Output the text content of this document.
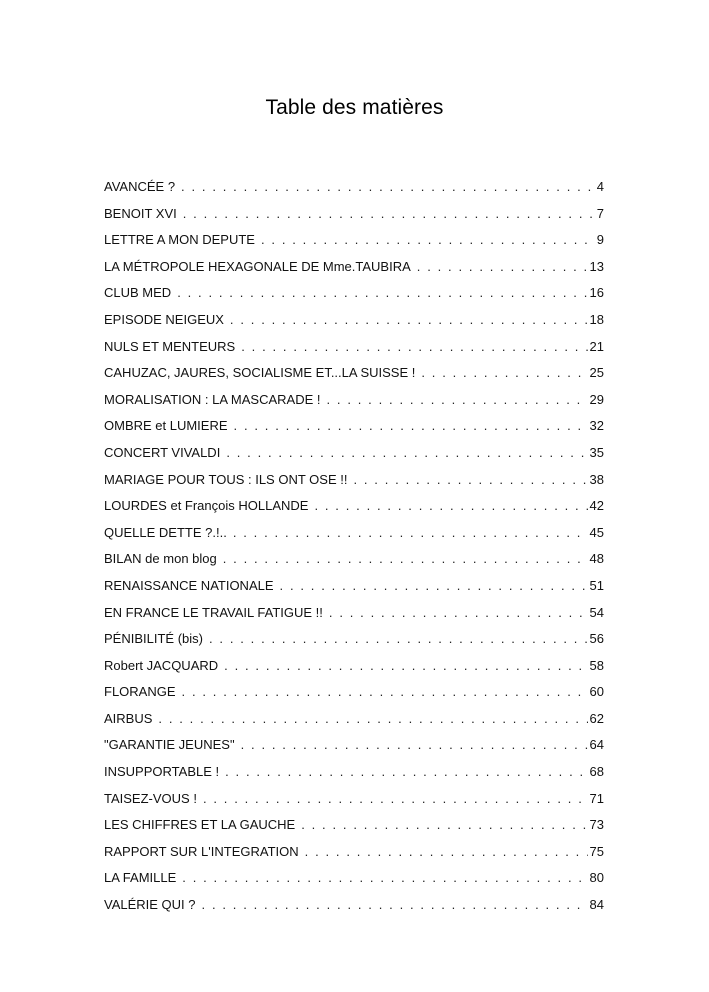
Table des matières
AVANCÉE ? . . .	4
BENOIT XVI . . .	7
LETTRE A MON DEPUTE . . .	9
LA MÉTROPOLE HEXAGONALE DE Mme.TAUBIRA . . .	13
CLUB MED . . .	16
EPISODE NEIGEUX . . .	18
NULS ET MENTEURS . . .	21
CAHUZAC, JAURES, SOCIALISME ET...LA SUISSE ! . . .	25
MORALISATION : LA MASCARADE ! . . .	29
OMBRE et LUMIERE . . .	32
CONCERT VIVALDI . . .	35
MARIAGE POUR TOUS : ILS ONT OSE !! . . .	38
LOURDES et François HOLLANDE . . .	42
QUELLE DETTE ?.!.. . . .	45
BILAN de mon blog . . .	48
RENAISSANCE NATIONALE . . .	51
EN FRANCE LE TRAVAIL FATIGUE !! . . .	54
PÉNIBILITÉ (bis) . . .	56
Robert JACQUARD . . .	58
FLORANGE . . .	60
AIRBUS . . .	62
"GARANTIE JEUNES" . . .	64
INSUPPORTABLE ! . . .	68
TAISEZ-VOUS ! . . .	71
LES CHIFFRES ET LA GAUCHE . . .	73
RAPPORT SUR L'INTEGRATION . . .	75
LA FAMILLE . . .	80
VALÉRIE QUI ? . . .	84
